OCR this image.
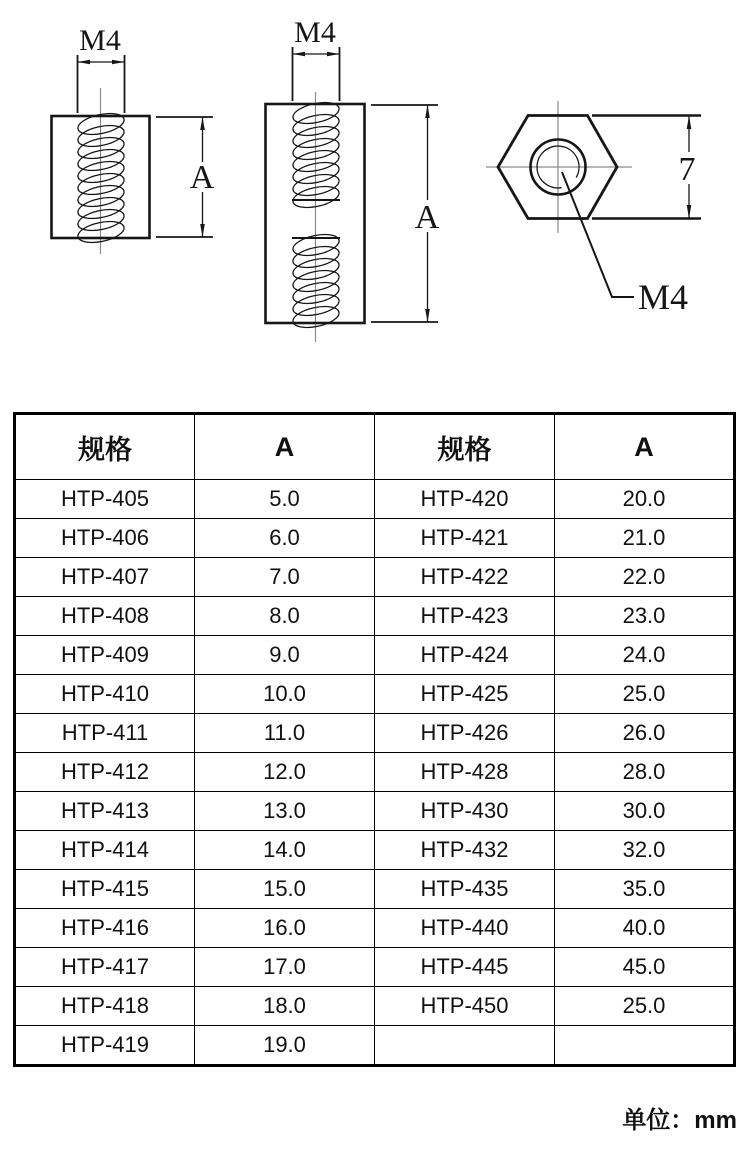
M4
A
M4
A
7
M4
规格	A	规格	A
HTP-405	5.0	HTP-420	20.0
HTP-406	6.0	HTP-421	21.0
HTP-407	7.0	HTP-422	22.0
HTP-408	8.0	HTP-423	23.0
HTP-409	9.0	HTP-424	24.0
HTP-410	10.0	HTP-425	25.0
HTP-411	11.0	HTP-426	26.0
HTP-412	12.0	HTP-428	28.0
HTP-413	13.0	HTP-430	30.0
HTP-414	14.0	HTP-432	32.0
HTP-415	15.0	HTP-435	35.0
HTP-416	16.0	HTP-440	40.0
HTP-417	17.0	HTP-445	45.0
HTP-418	18.0	HTP-450	25.0
HTP-419	19.0		
单位：mm
